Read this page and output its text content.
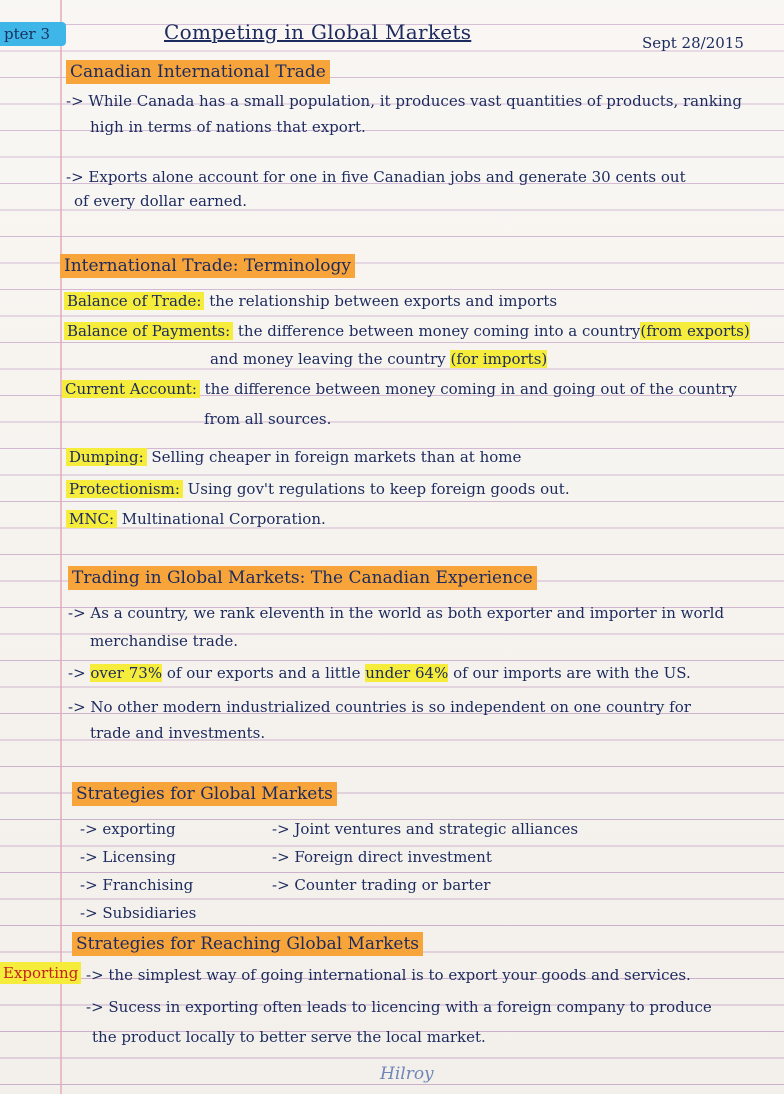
pter 3	Competing in Global Markets	Sept 28/2015
Canadian International Trade
-> While Canada has a small population, it produces vast quantities of products, ranking
high in terms of nations that export.
-> Exports alone account for one in five Canadian jobs and generate 30 cents out
of every dollar earned.
International Trade: Terminology
Balance of Trade: the relationship between exports and imports
Balance of Payments: the difference between money coming into a country(from exports)
and money leaving the country (for imports)
Current Account: the difference between money coming in and going out of the country
from all sources.
Dumping: Selling cheaper in foreign markets than at home
Protectionism: Using gov't regulations to keep foreign goods out.
MNC: Multinational Corporation.
Trading in Global Markets: The Canadian Experience
-> As a country, we rank eleventh in the world as both exporter and importer in world
merchandise trade.
-> over 73% of our exports and a little under 64% of our imports are with the US.
-> No other modern industrialized countries is so independent on one country for
trade and investments.
Strategies for Global Markets
-> exporting
-> Licensing
-> Franchising
-> Subsidiaries
-> Joint ventures and strategic alliances
-> Foreign direct investment
-> Counter trading or barter
Strategies for Reaching Global Markets
Exporting -> the simplest way of going international is to export your goods and services.
-> Sucess in exporting often leads to licencing with a foreign company to produce
the product locally to better serve the local market.
Hilroy
